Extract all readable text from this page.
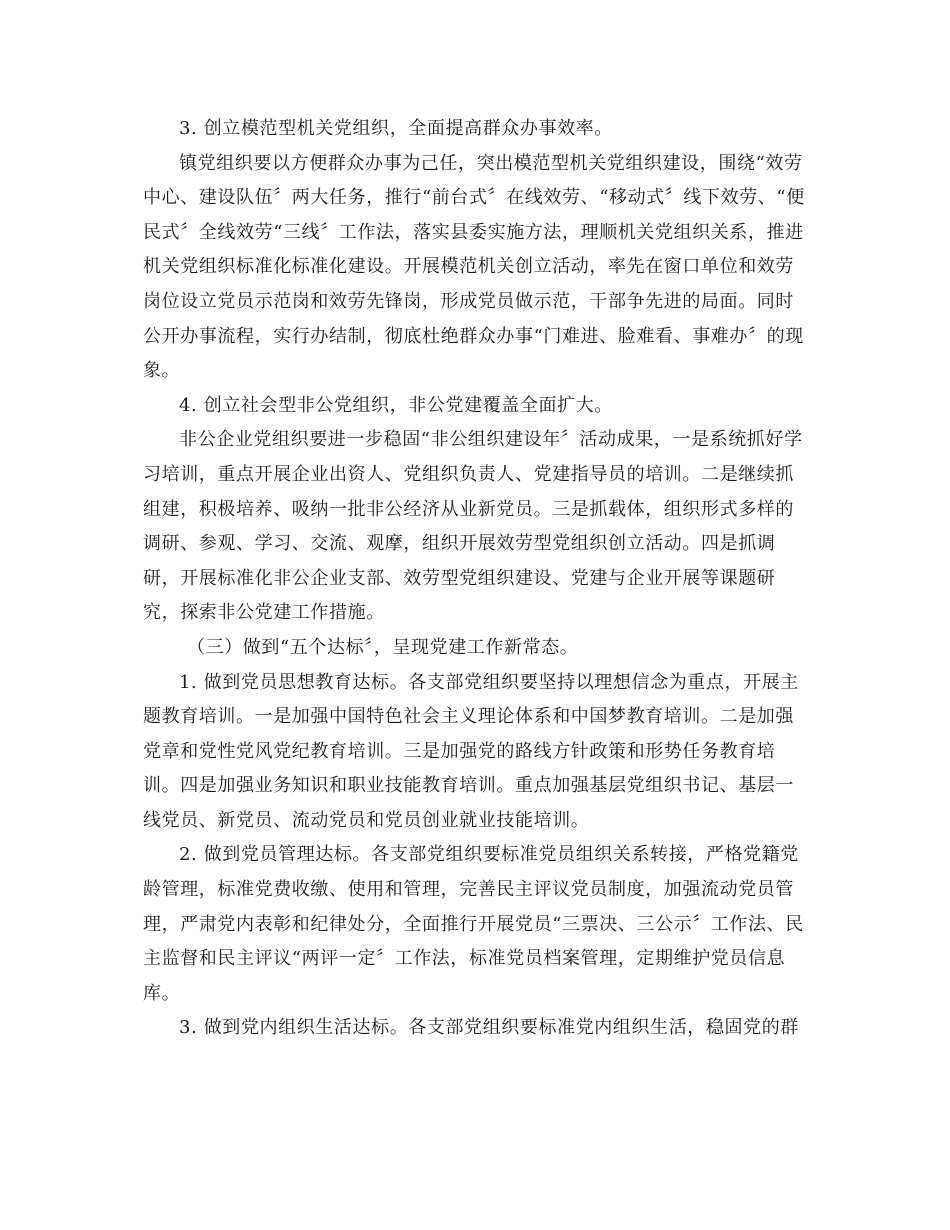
3. 创立模范型机关党组织，全面提高群众办事效率。
镇党组织要以方便群众办事为己任，突出模范型机关党组织建设，围绕“效劳
中心、建设队伍〞两大任务，推行“前台式〞在线效劳、“移动式〞线下效劳、“便
民式〞全线效劳“三线〞工作法，落实县委实施方法，理顺机关党组织关系，推进
机关党组织标准化标准化建设。开展模范机关创立活动，率先在窗口单位和效劳
岗位设立党员示范岗和效劳先锋岗，形成党员做示范，干部争先进的局面。同时
公开办事流程，实行办结制，彻底杜绝群众办事“门难进、脸难看、事难办〞的现
象。
4. 创立社会型非公党组织，非公党建覆盖全面扩大。
非公企业党组织要进一步稳固“非公组织建设年〞活动成果，一是系统抓好学
习培训，重点开展企业出资人、党组织负责人、党建指导员的培训。二是继续抓
组建，积极培养、吸纳一批非公经济从业新党员。三是抓载体，组织形式多样的
调研、参观、学习、交流、观摩，组织开展效劳型党组织创立活动。四是抓调
研，开展标准化非公企业支部、效劳型党组织建设、党建与企业开展等课题研
究，探索非公党建工作措施。
（三）做到“五个达标〞，呈现党建工作新常态。
1. 做到党员思想教育达标。各支部党组织要坚持以理想信念为重点，开展主
题教育培训。一是加强中国特色社会主义理论体系和中国梦教育培训。二是加强
党章和党性党风党纪教育培训。三是加强党的路线方针政策和形势任务教育培
训。四是加强业务知识和职业技能教育培训。重点加强基层党组织书记、基层一
线党员、新党员、流动党员和党员创业就业技能培训。
2. 做到党员管理达标。各支部党组织要标准党员组织关系转接，严格党籍党
龄管理，标准党费收缴、使用和管理，完善民主评议党员制度，加强流动党员管
理，严肃党内表彰和纪律处分，全面推行开展党员“三票决、三公示〞工作法、民
主监督和民主评议“两评一定〞工作法，标准党员档案管理，定期维护党员信息
库。
3. 做到党内组织生活达标。各支部党组织要标准党内组织生活，稳固党的群
